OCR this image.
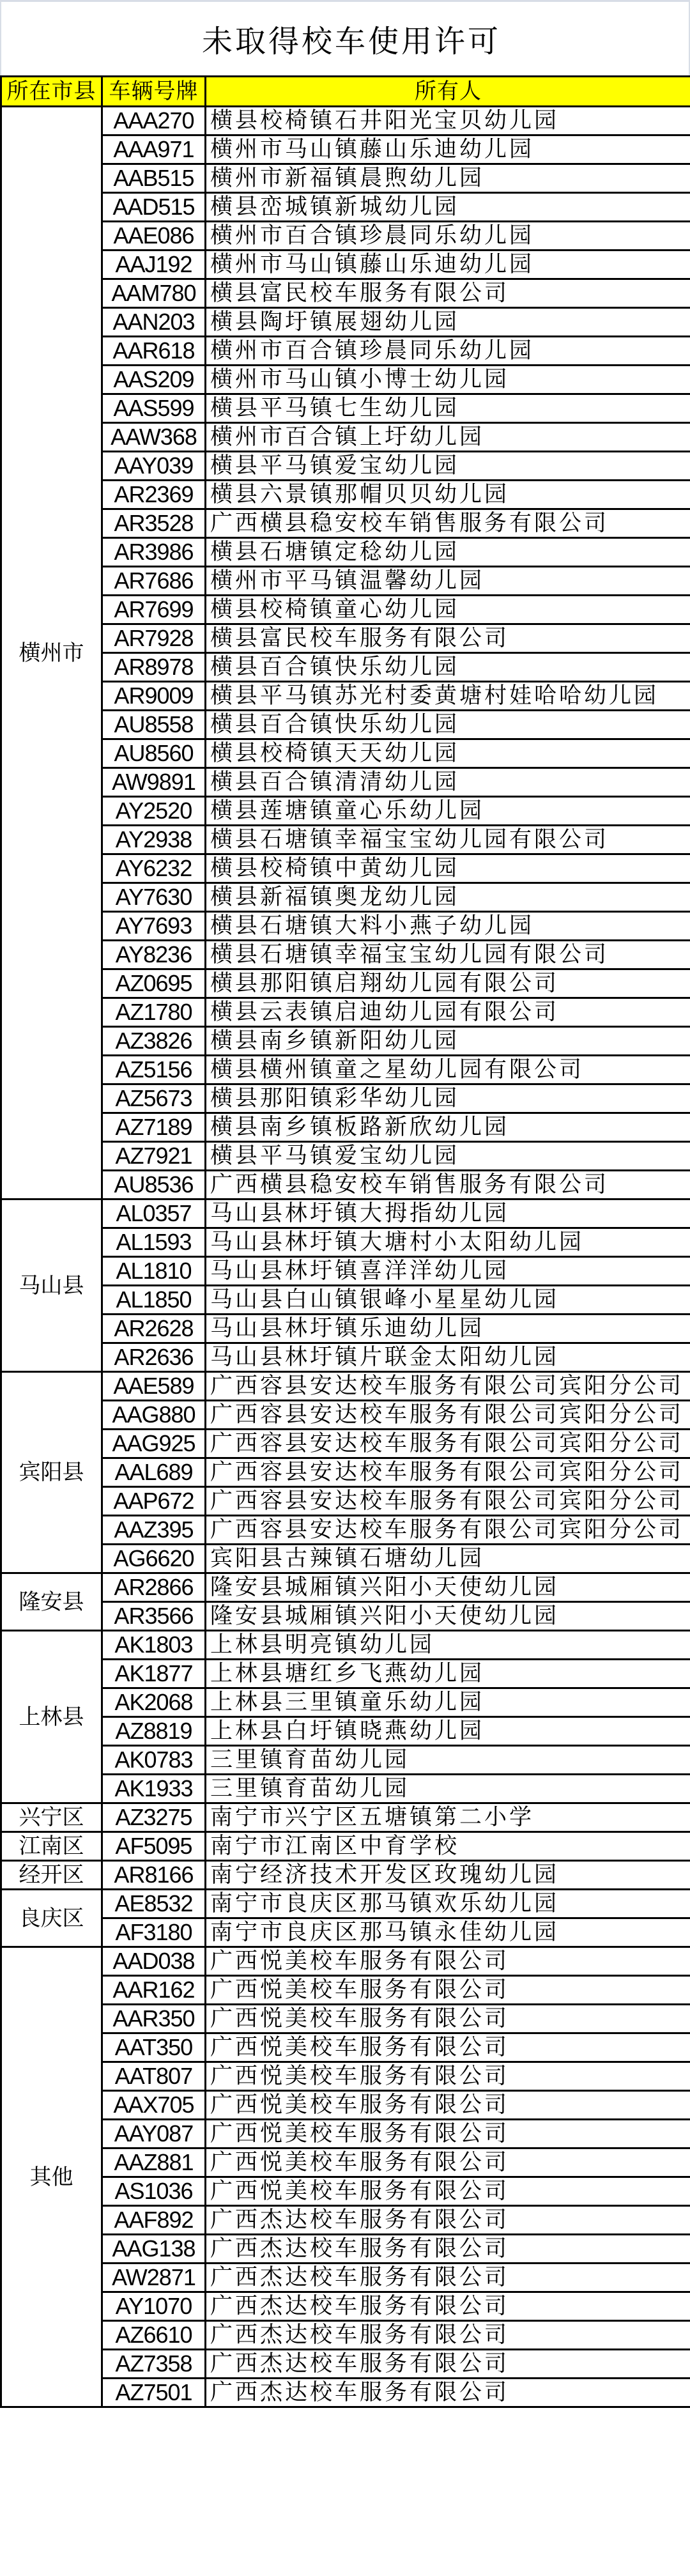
未取得校车使用许可
所在市县	车辆号牌	所有人
横州市	AAA270	横县校椅镇石井阳光宝贝幼儿园
	AAA971	横州市马山镇藤山乐迪幼儿园
	AAB515	横州市新福镇晨煦幼儿园
	AAD515	横县峦城镇新城幼儿园
	AAE086	横州市百合镇珍晨同乐幼儿园
	AAJ192	横州市马山镇藤山乐迪幼儿园
	AAM780	横县富民校车服务有限公司
	AAN203	横县陶圩镇展翅幼儿园
	AAR618	横州市百合镇珍晨同乐幼儿园
	AAS209	横州市马山镇小博士幼儿园
	AAS599	横县平马镇七生幼儿园
	AAW368	横州市百合镇上圩幼儿园
	AAY039	横县平马镇爱宝幼儿园
	AR2369	横县六景镇那帽贝贝幼儿园
	AR3528	广西横县稳安校车销售服务有限公司
	AR3986	横县石塘镇定稔幼儿园
	AR7686	横州市平马镇温馨幼儿园
	AR7699	横县校椅镇童心幼儿园
	AR7928	横县富民校车服务有限公司
	AR8978	横县百合镇快乐幼儿园
	AR9009	横县平马镇苏光村委黄塘村娃哈哈幼儿园
	AU8558	横县百合镇快乐幼儿园
	AU8560	横县校椅镇天天幼儿园
	AW9891	横县百合镇清清幼儿园
	AY2520	横县莲塘镇童心乐幼儿园
	AY2938	横县石塘镇幸福宝宝幼儿园有限公司
	AY6232	横县校椅镇中黄幼儿园
	AY7630	横县新福镇奥龙幼儿园
	AY7693	横县石塘镇大料小燕子幼儿园
	AY8236	横县石塘镇幸福宝宝幼儿园有限公司
	AZ0695	横县那阳镇启翔幼儿园有限公司
	AZ1780	横县云表镇启迪幼儿园有限公司
	AZ3826	横县南乡镇新阳幼儿园
	AZ5156	横县横州镇童之星幼儿园有限公司
	AZ5673	横县那阳镇彩华幼儿园
	AZ7189	横县南乡镇板路新欣幼儿园
	AZ7921	横县平马镇爱宝幼儿园
	AU8536	广西横县稳安校车销售服务有限公司
马山县	AL0357	马山县林圩镇大拇指幼儿园
	AL1593	马山县林圩镇大塘村小太阳幼儿园
	AL1810	马山县林圩镇喜洋洋幼儿园
	AL1850	马山县白山镇银峰小星星幼儿园
	AR2628	马山县林圩镇乐迪幼儿园
	AR2636	马山县林圩镇片联金太阳幼儿园
宾阳县	AAE589	广西容县安达校车服务有限公司宾阳分公司
	AAG880	广西容县安达校车服务有限公司宾阳分公司
	AAG925	广西容县安达校车服务有限公司宾阳分公司
	AAL689	广西容县安达校车服务有限公司宾阳分公司
	AAP672	广西容县安达校车服务有限公司宾阳分公司
	AAZ395	广西容县安达校车服务有限公司宾阳分公司
	AG6620	宾阳县古辣镇石塘幼儿园
隆安县	AR2866	隆安县城厢镇兴阳小天使幼儿园
	AR3566	隆安县城厢镇兴阳小天使幼儿园
上林县	AK1803	上林县明亮镇幼儿园
	AK1877	上林县塘红乡飞燕幼儿园
	AK2068	上林县三里镇童乐幼儿园
	AZ8819	上林县白圩镇晓燕幼儿园
	AK0783	三里镇育苗幼儿园
	AK1933	三里镇育苗幼儿园
兴宁区	AZ3275	南宁市兴宁区五塘镇第二小学
江南区	AF5095	南宁市江南区中育学校
经开区	AR8166	南宁经济技术开发区玫瑰幼儿园
良庆区	AE8532	南宁市良庆区那马镇欢乐幼儿园
	AF3180	南宁市良庆区那马镇永佳幼儿园
其他	AAD038	广西悦美校车服务有限公司
	AAR162	广西悦美校车服务有限公司
	AAR350	广西悦美校车服务有限公司
	AAT350	广西悦美校车服务有限公司
	AAT807	广西悦美校车服务有限公司
	AAX705	广西悦美校车服务有限公司
	AAY087	广西悦美校车服务有限公司
	AAZ881	广西悦美校车服务有限公司
	AS1036	广西悦美校车服务有限公司
	AAF892	广西杰达校车服务有限公司
	AAG138	广西杰达校车服务有限公司
	AW2871	广西杰达校车服务有限公司
	AY1070	广西杰达校车服务有限公司
	AZ6610	广西杰达校车服务有限公司
	AZ7358	广西杰达校车服务有限公司
	AZ7501	广西杰达校车服务有限公司
